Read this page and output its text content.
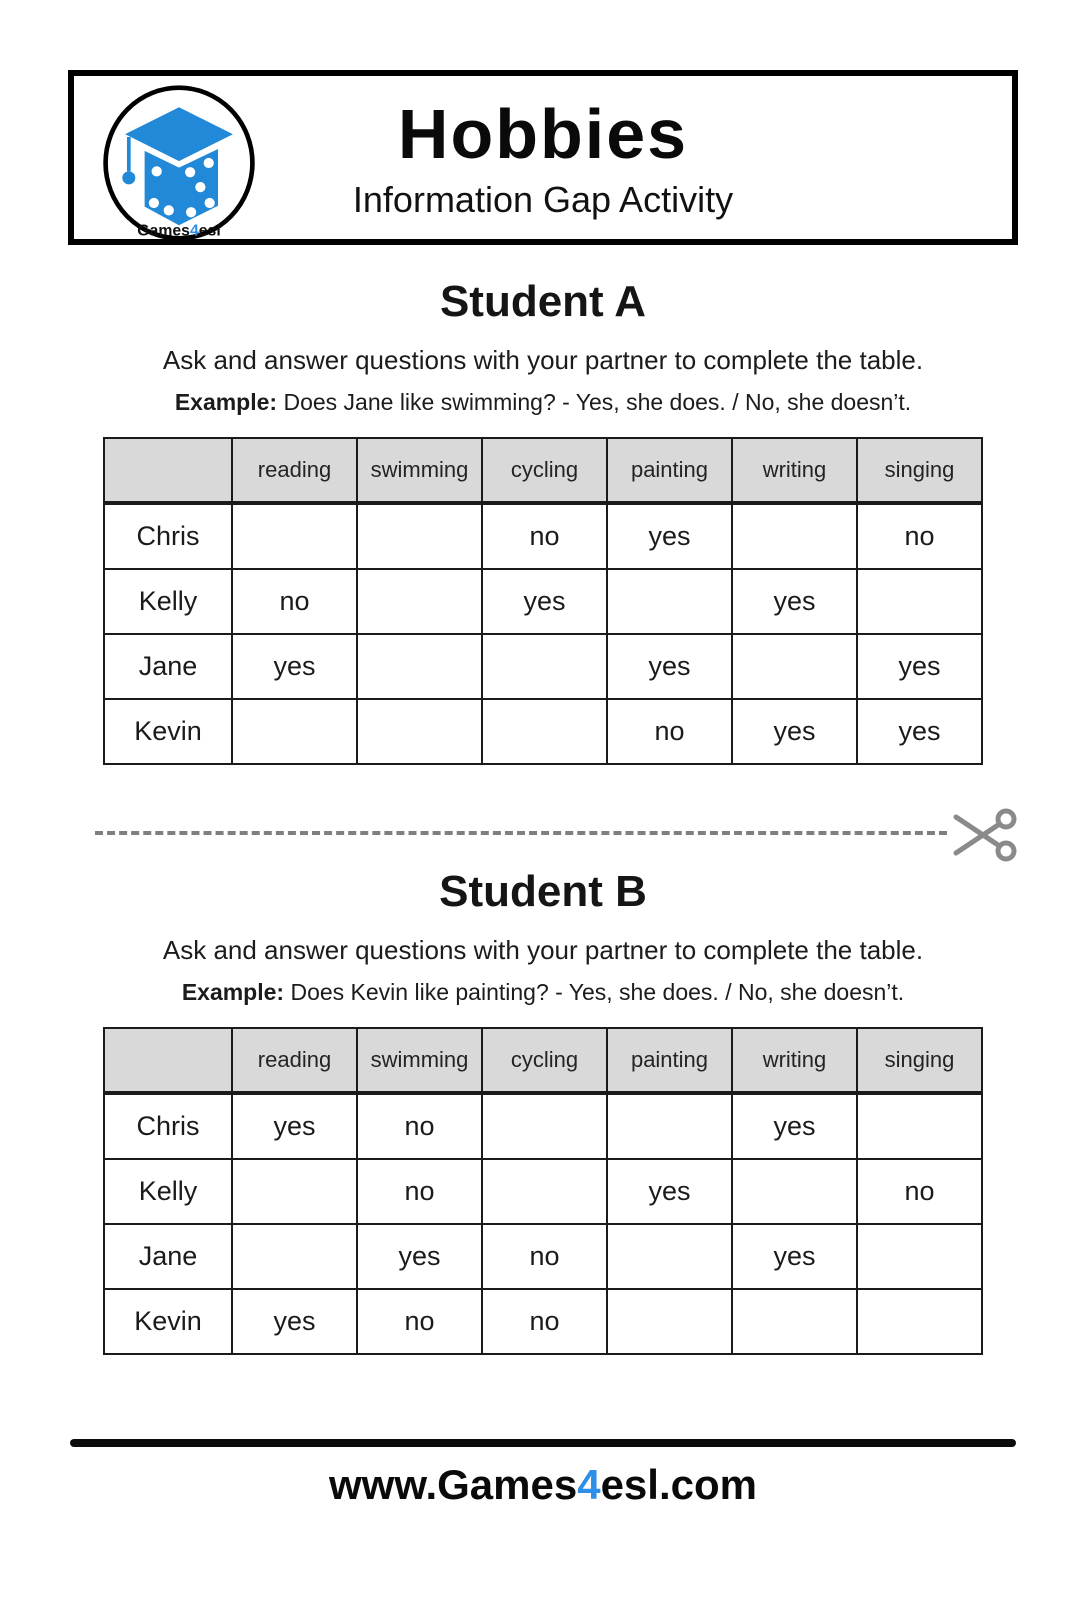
Games4esl
Hobbies
Information Gap Activity
Student A
Ask and answer questions with your partner to complete the table.
Example: Does Jane like swimming? - Yes, she does. / No, she doesn’t.
	reading	swimming	cycling	painting	writing	singing
Chris			no	yes		no
Kelly	no		yes		yes	
Jane	yes			yes		yes
Kevin				no	yes	yes
Student B
Ask and answer questions with your partner to complete the table.
Example: Does Kevin like painting? - Yes, she does. / No, she doesn’t.
	reading	swimming	cycling	painting	writing	singing
Chris	yes	no			yes	
Kelly		no		yes		no
Jane		yes	no		yes	
Kevin	yes	no	no			
www.Games4esl.com
